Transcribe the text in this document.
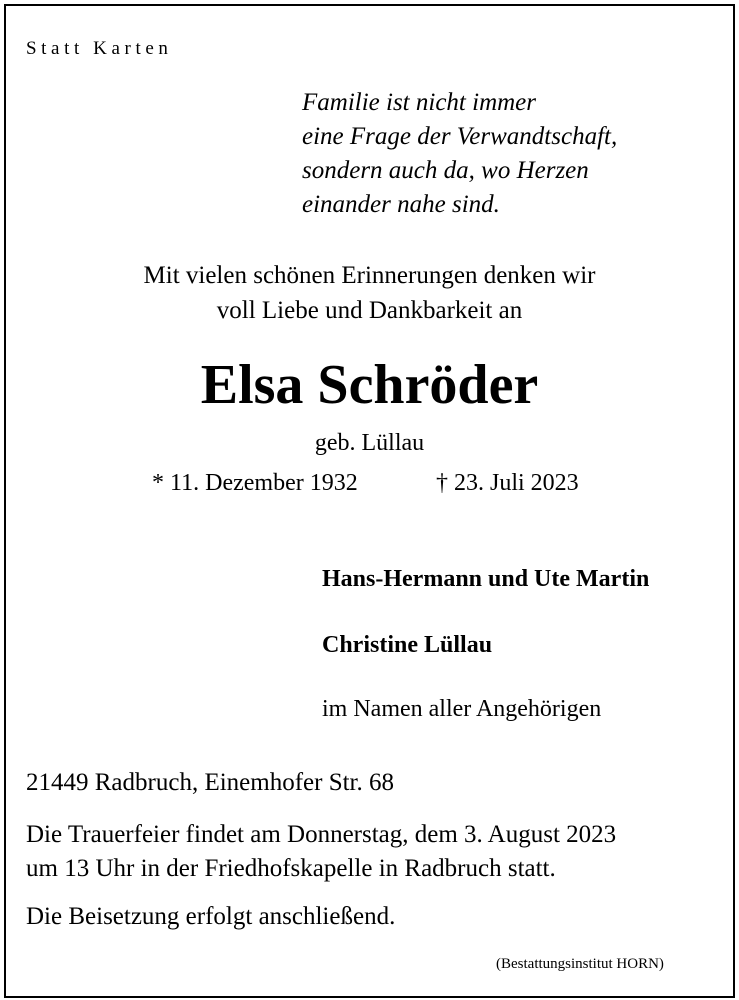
Statt Karten
Familie ist nicht immer
eine Frage der Verwandtschaft,
sondern auch da, wo Herzen
einander nahe sind.
Mit vielen schönen Erinnerungen denken wir
voll Liebe und Dankbarkeit an
Elsa Schröder
geb. Lüllau
* 11. Dezember 1932	† 23. Juli 2023
Hans-Hermann und Ute Martin
Christine Lüllau
im Namen aller Angehörigen
21449 Radbruch, Einemhofer Str. 68
Die Trauerfeier findet am Donnerstag, dem 3. August 2023
um 13 Uhr in der Friedhofskapelle in Radbruch statt.
Die Beisetzung erfolgt anschließend.
(Bestattungsinstitut HORN)
